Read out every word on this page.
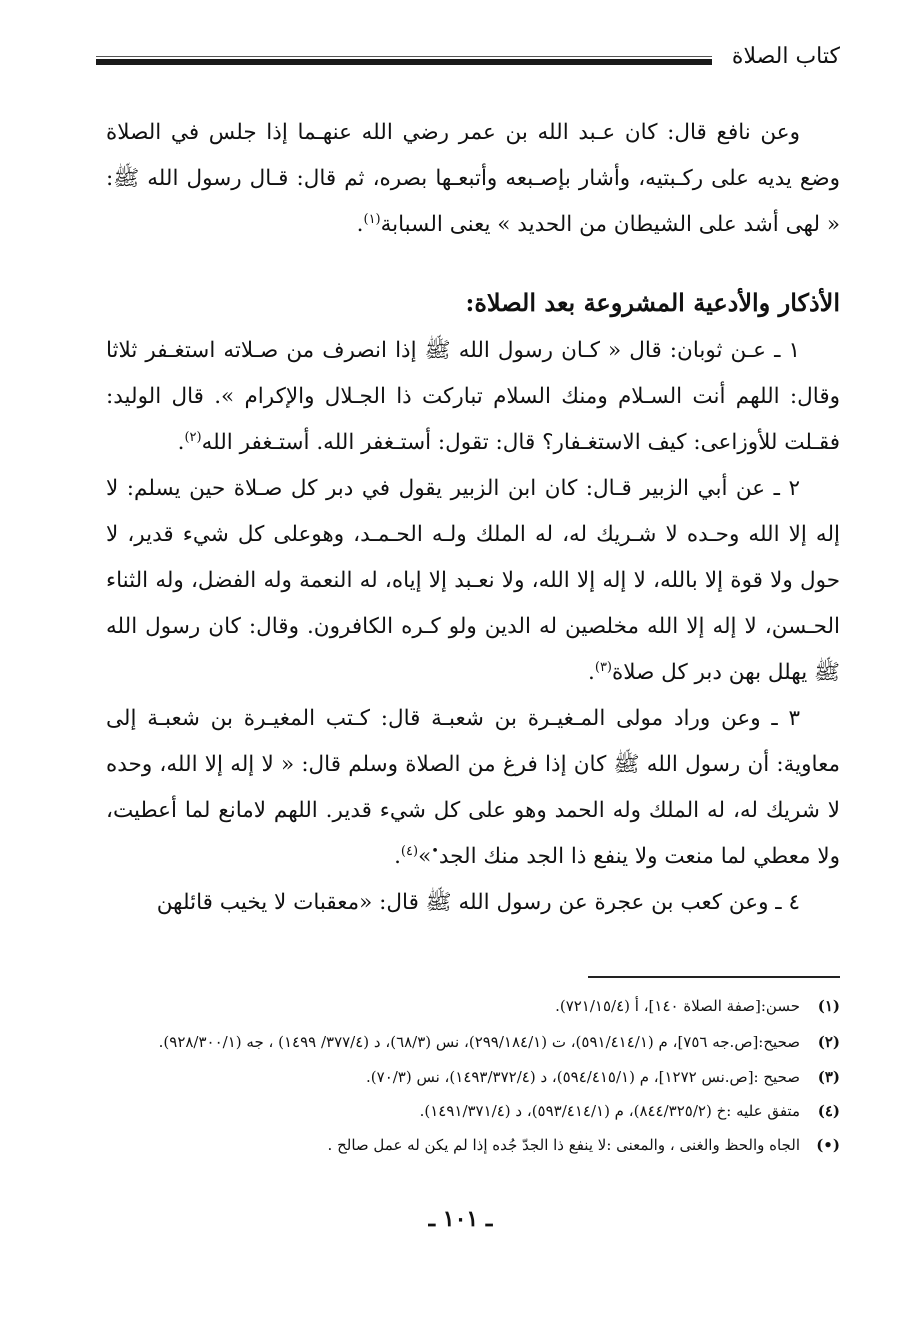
كتاب الصلاة

وعن نافع قال: كان عـبد الله بن عمر رضي الله عنهـما إذا جلس في الصلاة وضع يديه على ركـبتيه، وأشار بإصـبعه وأتبعـها بصره، ثم قال: قـال رسول الله ﷺ: « لهى أشد على الشيطان من الحديد » يعنى السبابة$^{(١)}$.

الأذكار والأدعية المشروعة بعد الصلاة:

١ ـ عـن ثوبان: قال « كـان رسول الله ﷺ إذا انصرف من صـلاته استغـفر ثلاثا وقال: اللهم أنت السـلام ومنك السلام تباركت ذا الجـلال والإكرام ». قال الوليد: فقـلت للأوزاعى: كيف الاستغـفار؟ قال: تقول: أستـغفر الله. أستـغفر الله$^{(٢)}$.

٢ ـ عن أبي الزبير قـال: كان ابن الزبير يقول في دبر كل صـلاة حين يسلم: لا إله إلا الله وحـده لا شـريك له، له الملك ولـه الحـمـد، وهوعلى كل شيء قدير، لا حول ولا قوة إلا بالله، لا إله إلا الله، ولا نعـبد إلا إياه، له النعمة وله الفضل، وله الثناء الحـسن، لا إله إلا الله مخلصين له الدين ولو كـره الكافرون. وقال: كان رسول الله ﷺ يهلل بهن دبر كل صلاة$^{(٣)}$.

٣ ـ وعن وراد مولى المـغيـرة بن شعبـة قال: كـتب المغيـرة بن شعبـة إلى معاوية: أن رسول الله ﷺ كان إذا فرغ من الصلاة وسلم قال: « لا إله إلا الله، وحده لا شريك له، له الملك وله الحمد وهو على كل شيء قدير. اللهم لامانع لما أعطيت، ولا معطي لما منعت ولا ينفع ذا الجد منك الجد•»$^{(٤)}$.

٤ ـ وعن كعب بن عجرة عن رسول الله ﷺ قال: «معقبات لا يخيب قائلهن

(١)حسن:[صفة الصلاة ١٤٠]، أ (٧٢١/١٥/٤).
(٢)صحيح:[ص.جه ٧٥٦]، م (٥٩١/٤١٤/١)، ت (٢٩٩/١٨٤/١)، نس (٦٨/٣)، د (٣٧٧/٤/ ١٤٩٩) ، جه (٩٢٨/٣٠٠/١).
(٣)صحيح :[ص.نس ١٢٧٢]، م (٥٩٤/٤١٥/١)، د (١٤٩٣/٣٧٢/٤)، نس (٧٠/٣).
(٤)متفق عليه :خ (٨٤٤/٣٢٥/٢)، م (٥٩٣/٤١٤/١)، د (١٤٩١/٣٧١/٤).
(•)الجاه والحظ والغنى ، والمعنى :لا ينفع ذا الجدّ جُده إذا لم يكن له عمل صالح .
ـ ١٠١ ـ
